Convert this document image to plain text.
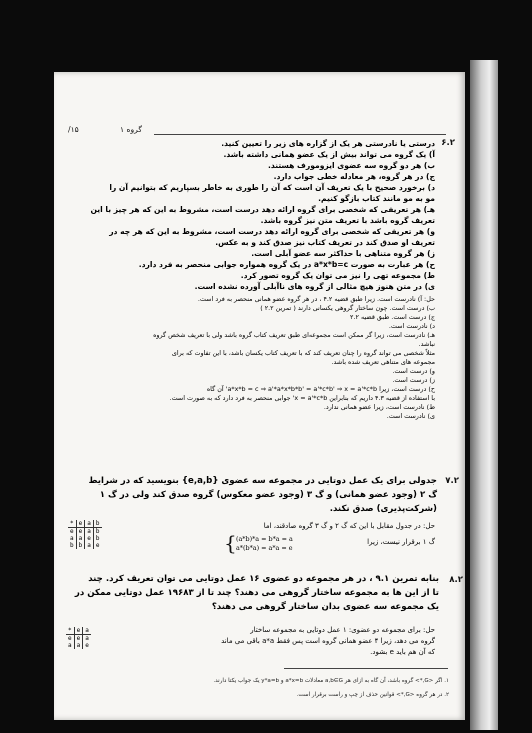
۱۵/	گروه ۱
۶.۲
درستی یا نادرستی هر یک از گزاره های زیر را تعیین کنید.
آ) یک گروه می تواند بیش از یک عضو همانی داشته باشد.
ب) هر دو گروه سه عضوی ایزومورف هستند.
ج) در هر گروه، هر معادله خطی جواب دارد.
د) برخورد صحیح با یک تعریف آن است که آن را طوری به خاطر بسپاریم که بتوانیم آن را
مو به مو مانند کتاب بازگو کنیم.
هـ) هر تعریفی که شخصی برای گروه ارائه دهد درست است، مشروط به این که هر چیز با این
تعریف گروه باشد با تعریف متن نیز گروه باشد.
و) هر تعریفی که شخصی برای گروه ارائه دهد درست است، مشروط به این که هر چه در
تعریف او صدق کند در تعریف کتاب نیز صدق کند و به عکس.
ز) هر گروه متناهی با حداکثر سه عضو آبلی است.
ح) هر عبارت به صورت a*x*b=c در یک گروه همواره جوابی منحصر به فرد دارد.
ط) مجموعه تهی را نیز می توان یک گروه تصور کرد.
ی) در متن هنوز هیچ مثالی از گروه های ناآبلی آورده نشده است.
حل: آ) نادرست است. زیرا طبق قضیه ۴.۲ ، در هر گروه عضو همانی منحصر به فرد است.
ب) درست است. چون ساختار گروهی یکسانی دارند ( تمرین ۲.۲ )
ج) درست است. طبق قضیه ۲.۲
د) نادرست است.
هـ) نادرست است، زیرا گر ممکن است مجموعه‌ای طبق تعریف کتاب گروه باشد ولی با تعریف شخص گروه
نباشد.
مثلاً شخصی می تواند گروه را چنان تعریف کند که با تعریف کتاب یکسان باشد، با این تفاوت که برای
مجموعه های متناهی تعریف شده باشد.
و) درست است.
ز) درست است.
ح) درست است، زیرا a*x*b = c ⇒ a'*a*x*b*b' = a'*c*b' ⇒ x = a'*c*b' آن گاه
با استفاده از قضیه ۴.۳ داریم که بنابراین x = a'*c*b' جوابی منحصر به فرد دارد که به صورت است.
ط) نادرست است، زیرا عضو همانی ندارد.
ی) نادرست است.
۷.۲
جدولی برای یک عمل دوتایی در مجموعه سه عضوی {e,a,b} بنویسید که در شرایط
گ ۲ (وجود عضو همانی) و گ ۳ (وجود عضو معکوس) گروه صدق کند ولی در گ ۱
(شرکت‌پذیری) صدق نکند.
*	e	a	b
e	e	a	b
a	a	e	b
b	b	a	e
حل: در جدول مقابل با این که گ ۲ و گ ۳ گروه صادقند، اما
گ ۱ برقرار نیست، زیرا
{ (a*b)*a = b*a = a
a*(b*a) = a*a = e
۸.۲
بنابه تمرین ۹.۱ ، در هر مجموعه دو عضوی ۱۶ عمل دوتایی می توان تعریف کرد. چند
تا از این ها به مجموعه ساختار گروهی می دهند؟ چند تا از ۱۹۶۸۳ عمل دوتایی ممکن در
یک مجموعه سه عضوی بدان ساختار گروهی می دهند؟
*	e	a
e	e	a
a	a	e
حل: برای مجموعه دو عضوی: ۱ عمل دوتایی به مجموعه ساختار
گروه می دهد، زیرا ۴ عضو همانی گروه است پس فقط a*a باقی می ماند
که آن هم باید e بشود.
۱. اگر <G,*> گروه باشد، آن گاه به ازای هر a,b∈G معادلات a*x=b و y*a=b یک جواب یکتا دارند.
۲. در هر گروه <G,*> قوانین حذف از چپ و راست برقرار است.
